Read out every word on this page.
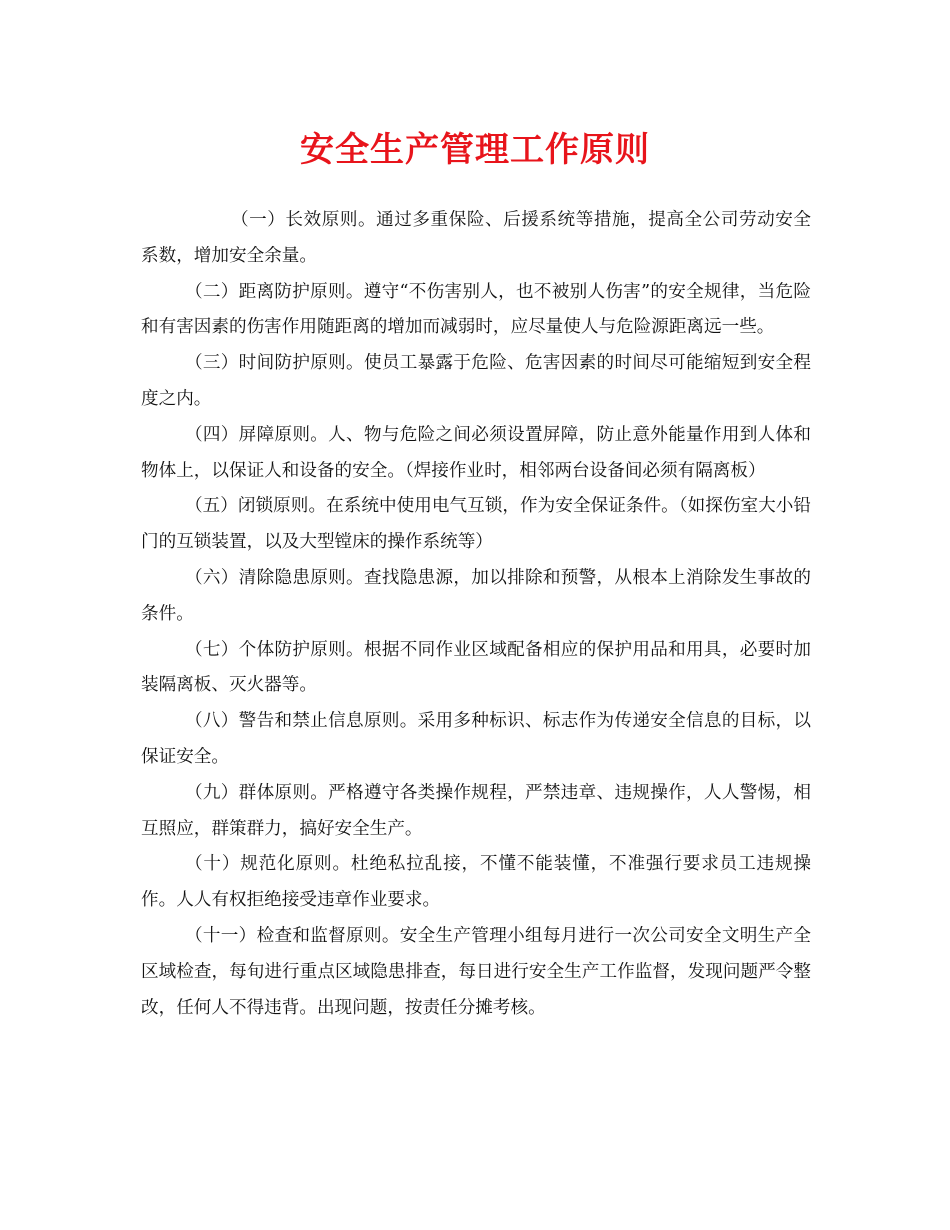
安全生产管理工作原则

（一）长效原则。通过多重保险、后援系统等措施，提高全公司劳动安全系数，增加安全余量。

（二）距离防护原则。遵守“不伤害别人，也不被别人伤害”的安全规律，当危险和有害因素的伤害作用随距离的增加而减弱时，应尽量使人与危险源距离远一些。

（三）时间防护原则。使员工暴露于危险、危害因素的时间尽可能缩短到安全程度之内。

（四）屏障原则。人、物与危险之间必须设置屏障，防止意外能量作用到人体和物体上，以保证人和设备的安全。（焊接作业时，相邻两台设备间必须有隔离板）

（五）闭锁原则。在系统中使用电气互锁，作为安全保证条件。（如探伤室大小铅门的互锁装置，以及大型镗床的操作系统等）

（六）清除隐患原则。查找隐患源，加以排除和预警，从根本上消除发生事故的条件。

（七）个体防护原则。根据不同作业区域配备相应的保护用品和用具，必要时加装隔离板、灭火器等。

（八）警告和禁止信息原则。采用多种标识、标志作为传递安全信息的目标，以保证安全。

（九）群体原则。严格遵守各类操作规程，严禁违章、违规操作，人人警惕，相互照应，群策群力，搞好安全生产。

（十）规范化原则。杜绝私拉乱接，不懂不能装懂，不准强行要求员工违规操作。人人有权拒绝接受违章作业要求。

（十一）检查和监督原则。安全生产管理小组每月进行一次公司安全文明生产全区域检查，每旬进行重点区域隐患排查，每日进行安全生产工作监督，发现问题严令整改，任何人不得违背。出现问题，按责任分摊考核。
